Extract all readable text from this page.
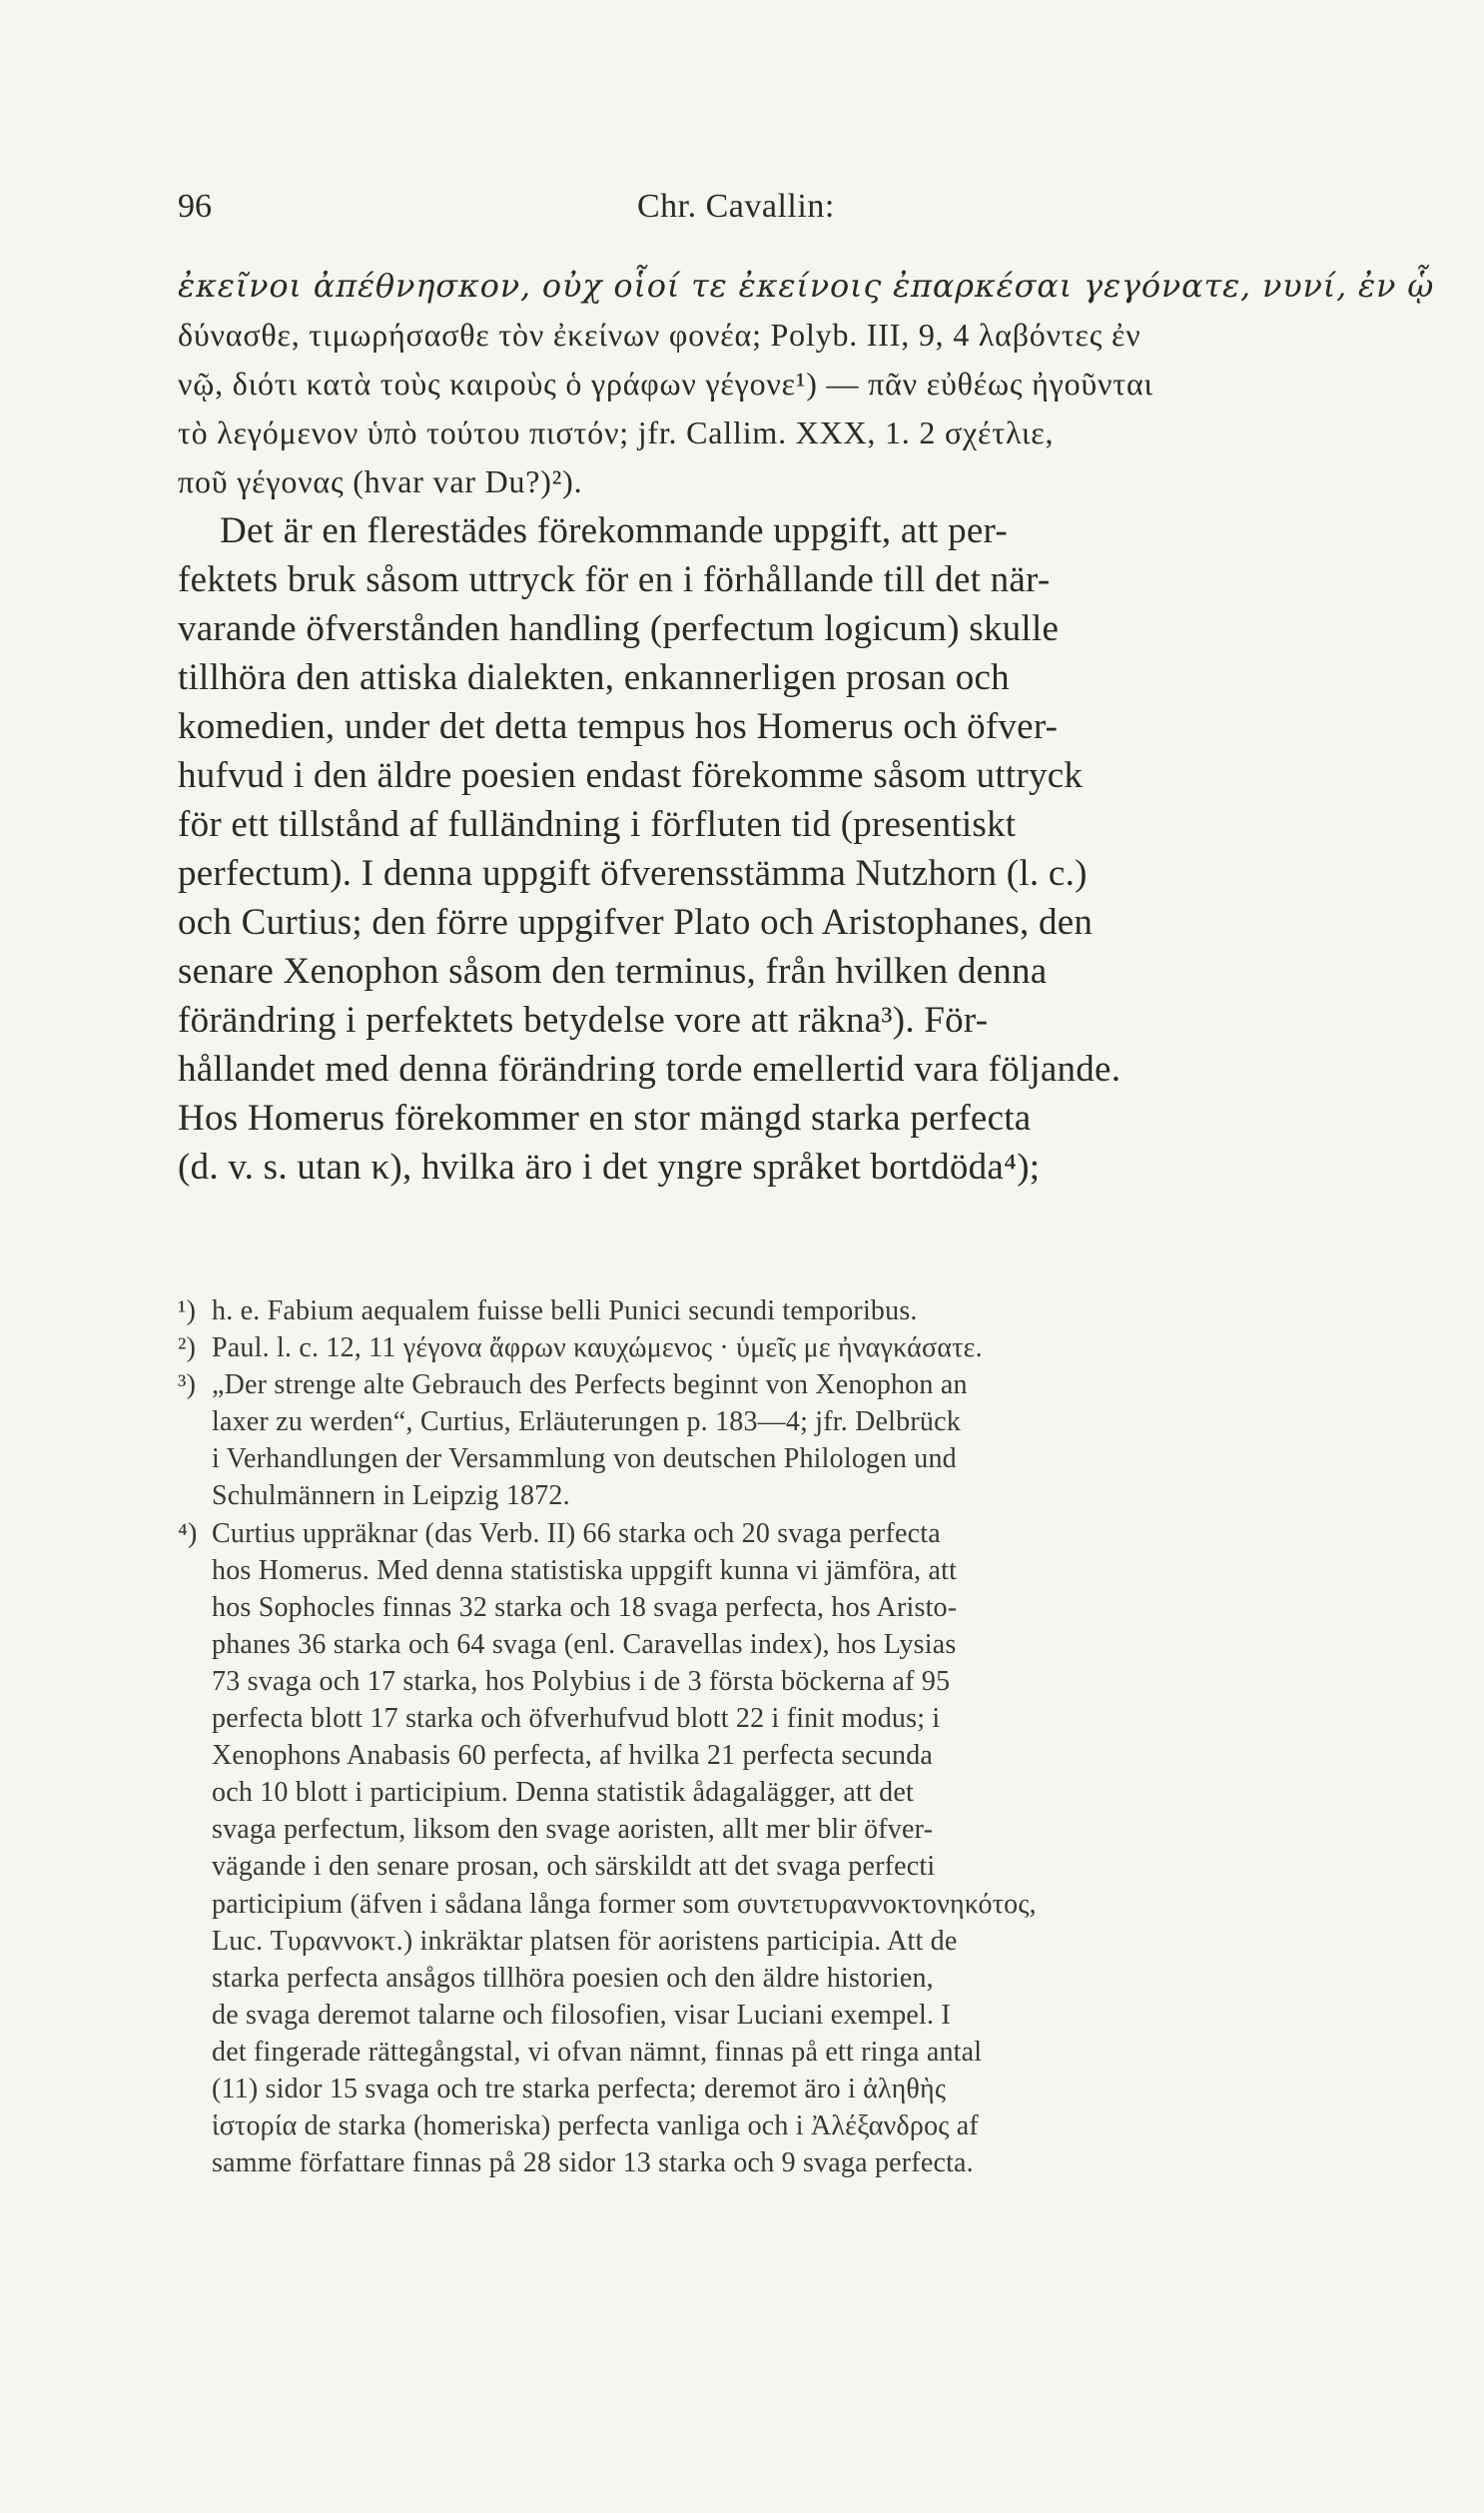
96	Chr. Cavallin:
ἐκεῖνοι ἀπέθνησκον, οὐχ οἷοί τε ἐκείνοις ἐπαρκέσαι γεγόνατε, νυνί, ἐν ᾧ
δύνασθε, τιμωρήσασθε τὸν ἐκείνων φονέα; Polyb. III, 9, 4 λαβόντες ἐν
νῷ, διότι κατὰ τοὺς καιροὺς ὁ γράφων γέγονε¹) — πᾶν εὐθέως ἠγοῦνται
τὸ λεγόμενον ὑπὸ τούτου πιστόν; jfr. Callim. XXX, 1. 2 σχέτλιε,
ποῦ γέγονας (hvar var Du?)²).
Det är en flerestädes förekommande uppgift, att per-
fektets bruk såsom uttryck för en i förhållande till det när-
varande öfverstånden handling (perfectum logicum) skulle
tillhöra den attiska dialekten, enkannerligen prosan och
komedien, under det detta tempus hos Homerus och öfver-
hufvud i den äldre poesien endast förekomme såsom uttryck
för ett tillstånd af fulländning i förfluten tid (presentiskt
perfectum). I denna uppgift öfverensstämma Nutzhorn (l. c.)
och Curtius; den förre uppgifver Plato och Aristophanes, den
senare Xenophon såsom den terminus, från hvilken denna
förändring i perfektets betydelse vore att räkna³). För-
hållandet med denna förändring torde emellertid vara följande.
Hos Homerus förekommer en stor mängd starka perfecta
(d. v. s. utan κ), hvilka äro i det yngre språket bortdöda⁴);
¹) h. e. Fabium aequalem fuisse belli Punici secundi temporibus.
²) Paul. l. c. 12, 11 γέγονα ἄφρων καυχώμενος · ὑμεῖς με ἠναγκάσατε.
³) „Der strenge alte Gebrauch des Perfects beginnt von Xenophon an
laxer zu werden“, Curtius, Erläuterungen p. 183—4; jfr. Delbrück
i Verhandlungen der Versammlung von deutschen Philologen und
Schulmännern in Leipzig 1872.
⁴) Curtius uppräknar (das Verb. II) 66 starka och 20 svaga perfecta
hos Homerus. Med denna statistiska uppgift kunna vi jämföra, att
hos Sophocles finnas 32 starka och 18 svaga perfecta, hos Aristo-
phanes 36 starka och 64 svaga (enl. Caravellas index), hos Lysias
73 svaga och 17 starka, hos Polybius i de 3 första böckerna af 95
perfecta blott 17 starka och öfverhufvud blott 22 i finit modus; i
Xenophons Anabasis 60 perfecta, af hvilka 21 perfecta secunda
och 10 blott i participium. Denna statistik ådagalägger, att det
svaga perfectum, liksom den svage aoristen, allt mer blir öfver-
vägande i den senare prosan, och särskildt att det svaga perfecti
participium (äfven i sådana långa former som συντετυραννοκτονηκότος,
Luc. Τυραννοκτ.) inkräktar platsen för aoristens participia. Att de
starka perfecta ansågos tillhöra poesien och den äldre historien,
de svaga deremot talarne och filosofien, visar Luciani exempel. I
det fingerade rättegångstal, vi ofvan nämnt, finnas på ett ringa antal
(11) sidor 15 svaga och tre starka perfecta; deremot äro i ἀληθὴς
ἱστορία de starka (homeriska) perfecta vanliga och i Ἀλέξανδρος af
samme författare finnas på 28 sidor 13 starka och 9 svaga perfecta.
